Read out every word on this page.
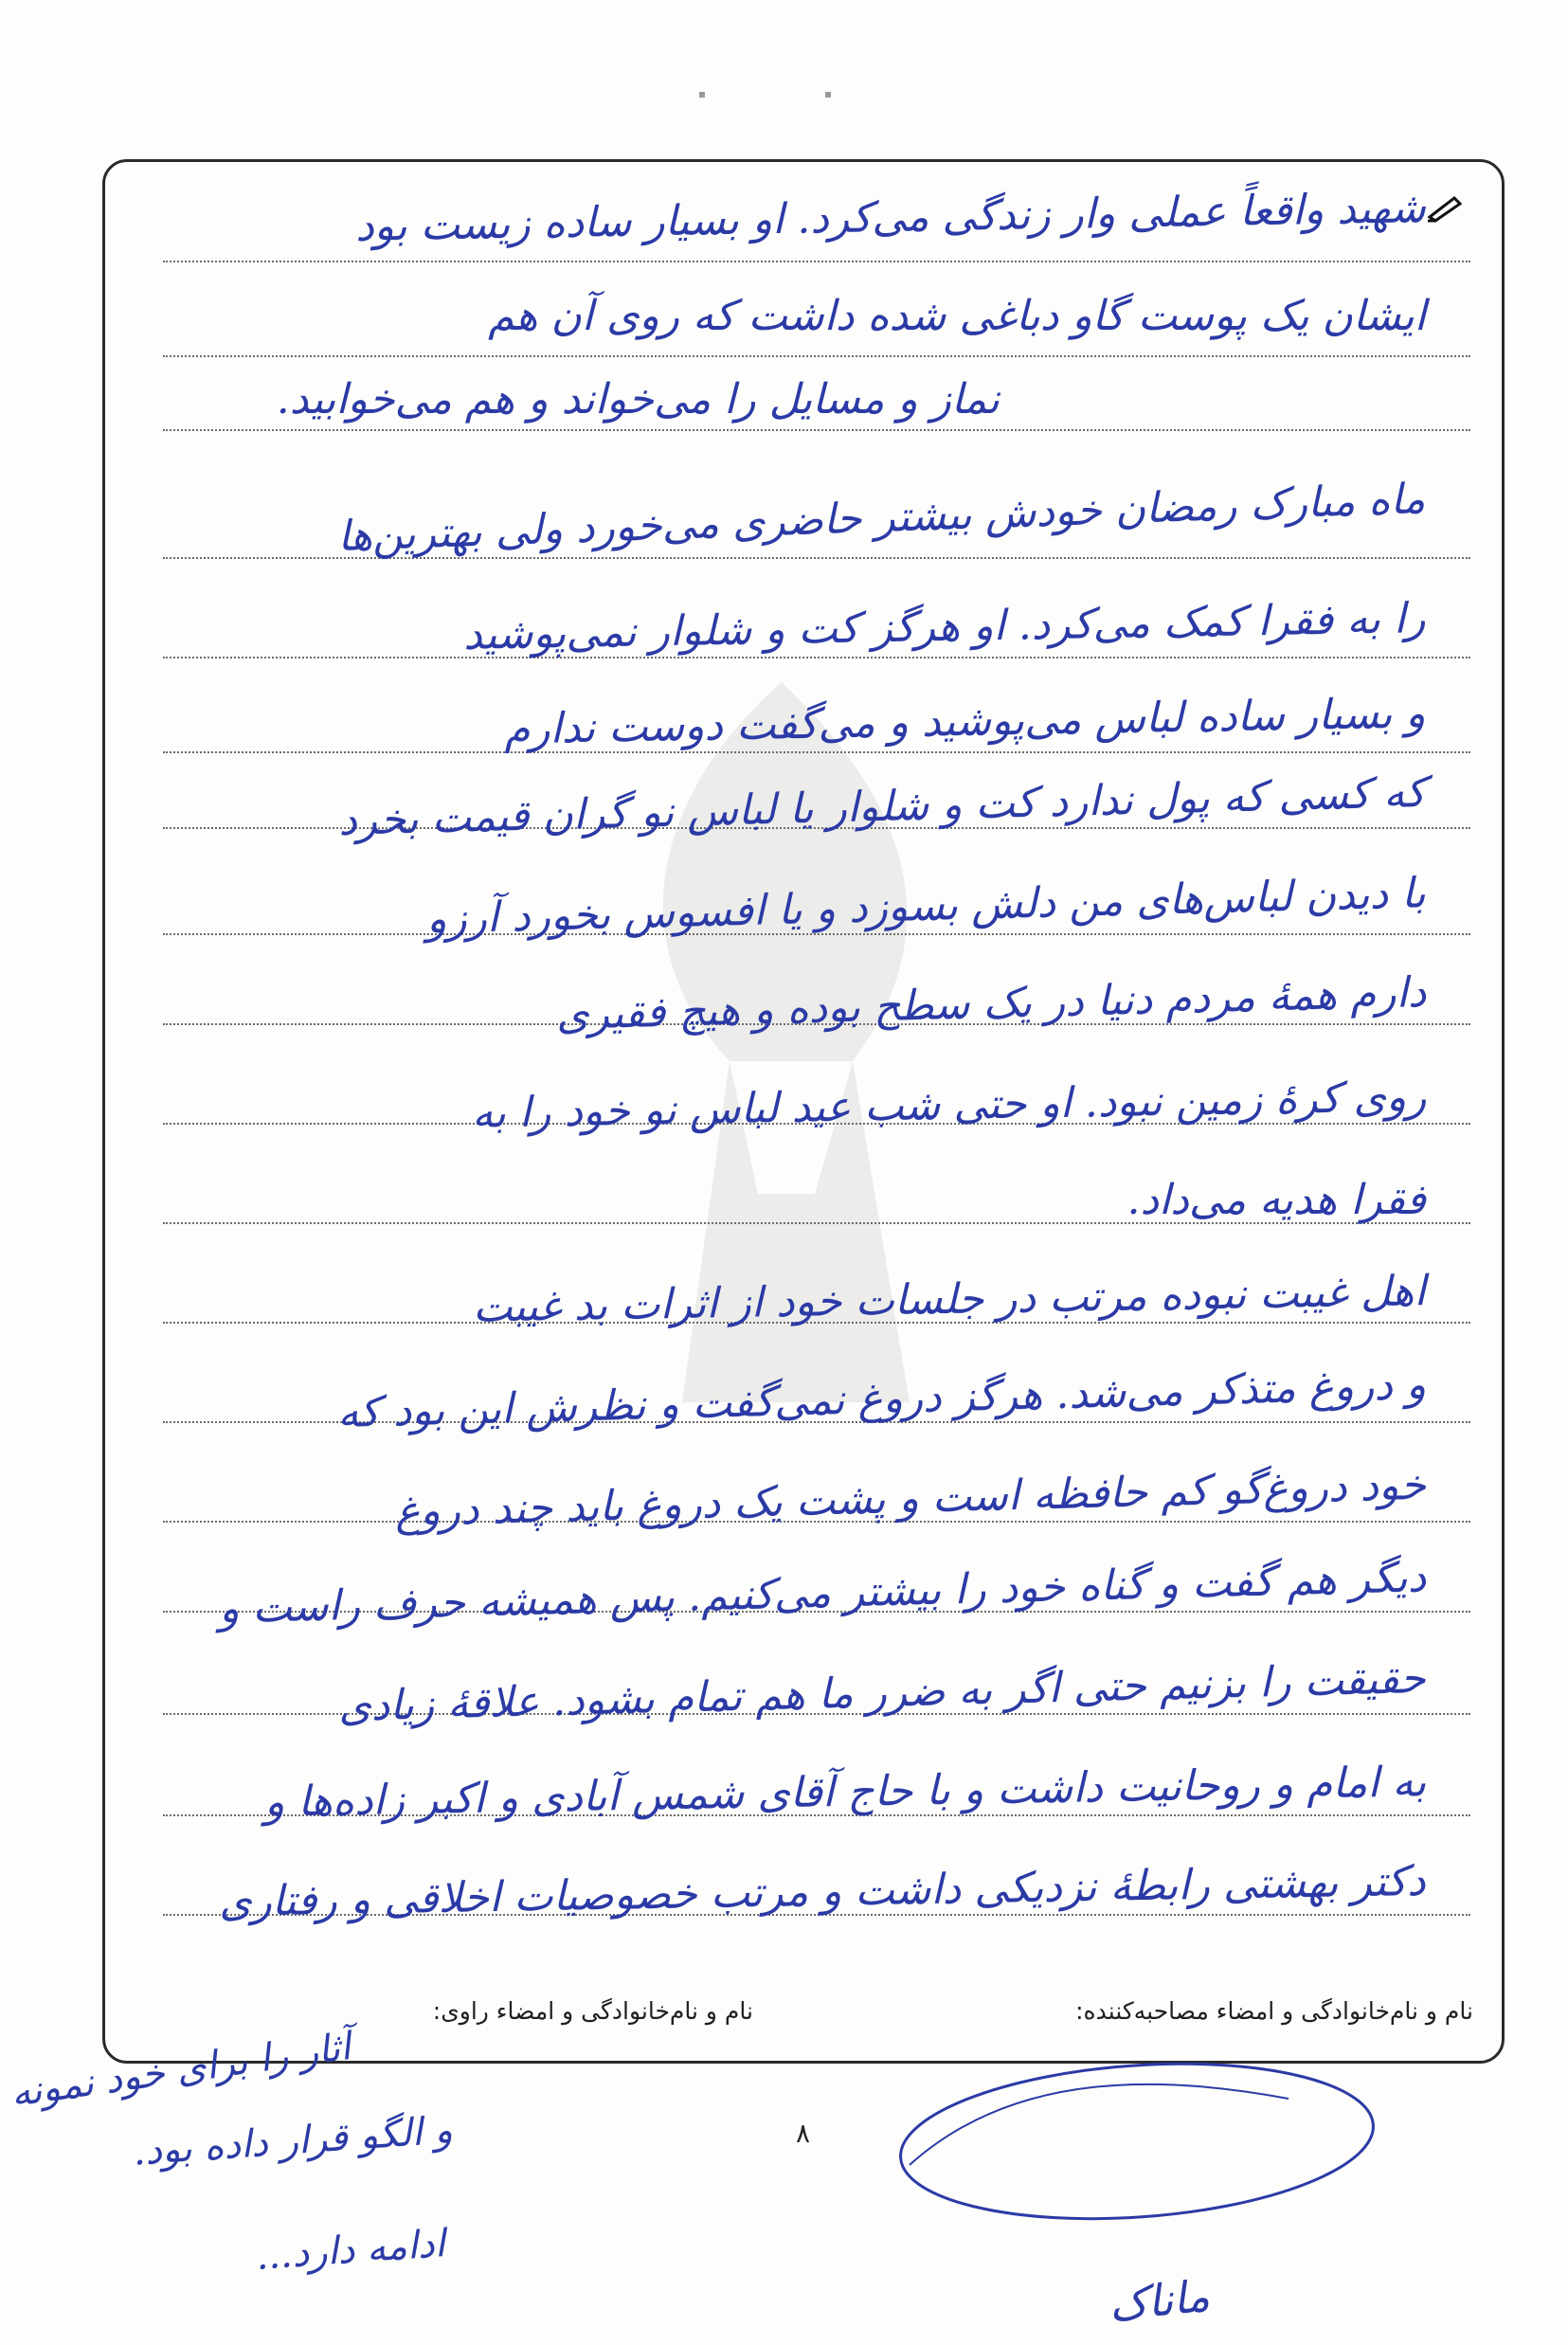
▪	▪
شهید واقعاً عملی وار زندگی می‌کرد. او بسیار ساده زیست بود
ایشان یک پوست گاو دباغی شده داشت که روی آن هم
نماز و مسایل را می‌خواند و هم می‌خوابید.
ماه مبارک رمضان خودش بیشتر حاضری می‌خورد ولی بهترین‌ها
را به فقرا کمک می‌کرد. او هرگز کت و شلوار نمی‌پوشید
و بسیار ساده لباس می‌پوشید و می‌گفت دوست ندارم
که کسی که پول ندارد کت و شلوار یا لباس نو گران قیمت بخرد
با دیدن لباس‌های من دلش بسوزد و یا افسوس بخورد آرزو
دارم همهٔ مردم دنیا در یک سطح بوده و هیچ فقیری
روی کرهٔ زمین نبود. او حتی شب عید لباس نو خود را به
فقرا هدیه می‌داد.
اهل غیبت نبوده مرتب در جلسات خود از اثرات بد غیبت
و دروغ متذکر می‌شد. هرگز دروغ نمی‌گفت و نظرش این بود که
خود دروغ‌گو کم حافظه است و پشت یک دروغ باید چند دروغ
دیگر هم گفت و گناه خود را بیشتر می‌کنیم. پس همیشه حرف راست و
حقیقت را بزنیم حتی اگر به ضرر ما هم تمام بشود. علاقهٔ زیادی
به امام و روحانیت داشت و با حاج آقای شمس آبادی و اکبر زاده‌ها و
دکتر بهشتی رابطهٔ نزدیکی داشت و مرتب خصوصیات اخلاقی و رفتاری
نام و نام‌خانوادگی و امضاء مصاحبه‌کننده:
نام و نام‌خانوادگی و امضاء راوی:
آثار را برای خود نمونه
و الگو قرار داده بود.
ادامه دارد...
۸
ماناک
